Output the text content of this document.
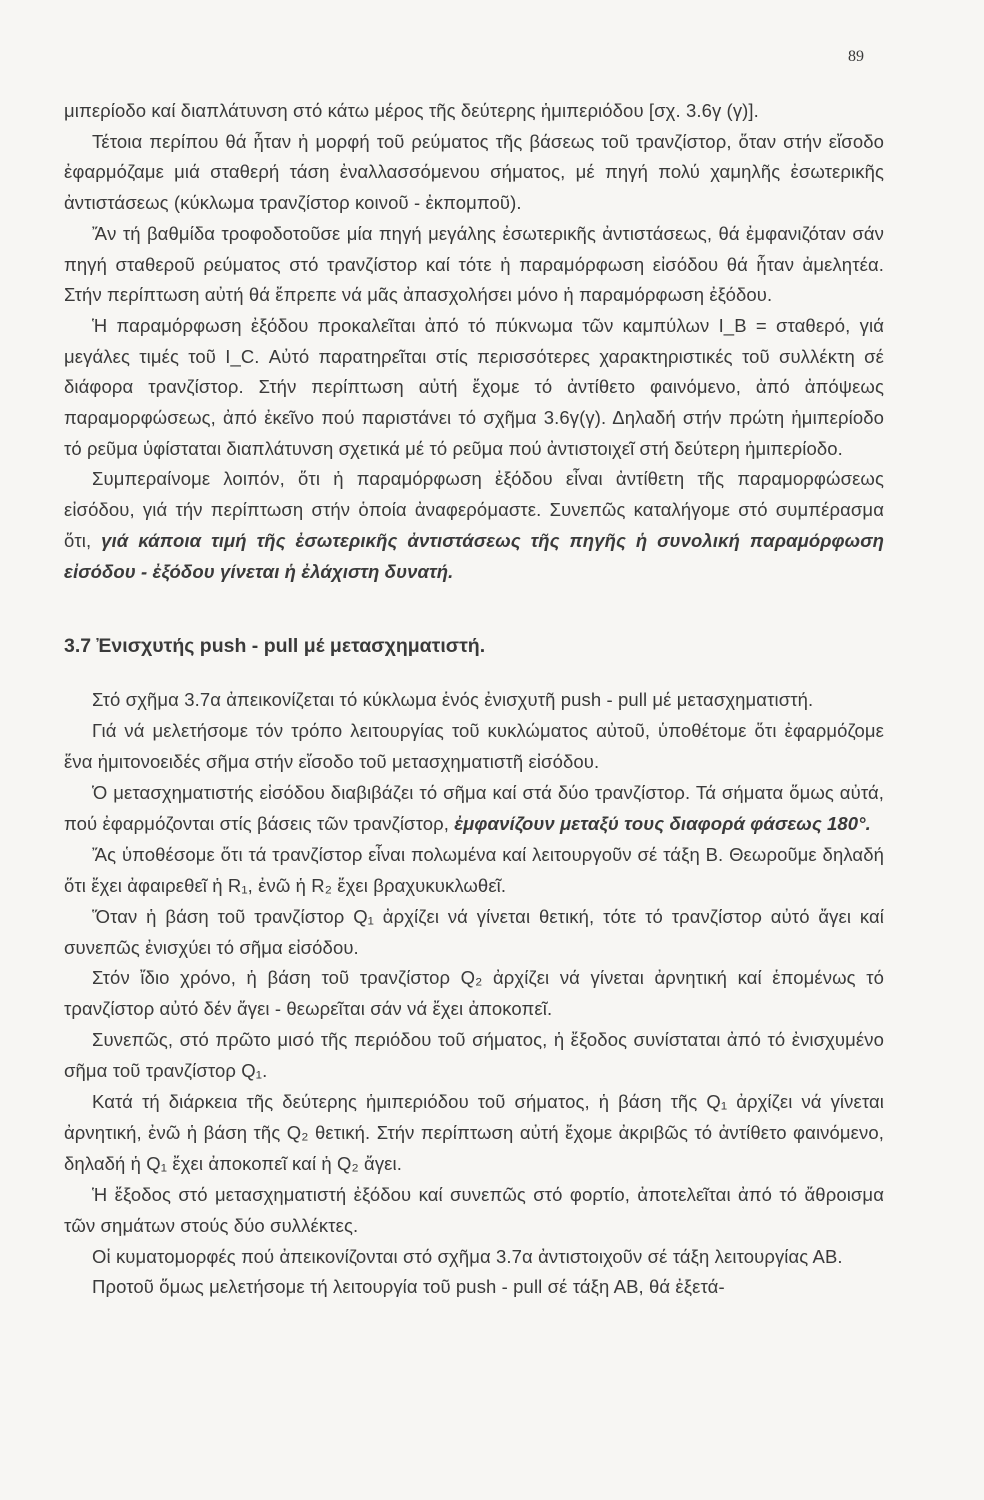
89

μιπερίοδο καί διαπλάτυνση στό κάτω μέρος τῆς δεύτερης ἡμιπεριόδου [σχ. 3.6γ (γ)].

Τέτοια περίπου θά ἦταν ἡ μορφή τοῦ ρεύματος τῆς βάσεως τοῦ τρανζίστορ, ὅταν στήν εἴσοδο ἐφαρμόζαμε μιά σταθερή τάση ἐναλλασσόμενου σήματος, μέ πηγή πολύ χαμηλῆς ἐσωτερικῆς ἀντιστάσεως (κύκλωμα τρανζίστορ κοινοῦ - ἐκπομποῦ).

Ἄν τή βαθμίδα τροφοδοτοῦσε μία πηγή μεγάλης ἐσωτερικῆς ἀντιστάσεως, θά ἐμφανιζόταν σάν πηγή σταθεροῦ ρεύματος στό τρανζίστορ καί τότε ἡ παραμόρφωση εἰσόδου θά ἦταν ἀμελητέα. Στήν περίπτωση αὐτή θά ἔπρεπε νά μᾶς ἀπασχολήσει μόνο ἡ παραμόρφωση ἐξόδου.

Ἡ παραμόρφωση ἐξόδου προκαλεῖται ἀπό τό πύκνωμα τῶν καμπύλων I_B = σταθερό, γιά μεγάλες τιμές τοῦ I_C. Αὐτό παρατηρεῖται στίς περισσότερες χαρακτηριστικές τοῦ συλλέκτη σέ διάφορα τρανζίστορ. Στήν περίπτωση αὐτή ἔχομε τό ἀντίθετο φαινόμενο, ἀπό ἀπόψεως παραμορφώσεως, ἀπό ἐκεῖνο πού παριστάνει τό σχῆμα 3.6γ(γ). Δηλαδή στήν πρώτη ἡμιπερίοδο τό ρεῦμα ὑφίσταται διαπλάτυνση σχετικά μέ τό ρεῦμα πού ἀντιστοιχεῖ στή δεύτερη ἡμιπερίοδο.

Συμπεραίνομε λοιπόν, ὅτι ἡ παραμόρφωση ἐξόδου εἶναι ἀντίθετη τῆς παραμορφώσεως εἰσόδου, γιά τήν περίπτωση στήν ὁποία ἀναφερόμαστε. Συνεπῶς καταλήγομε στό συμπέρασμα ὅτι, γιά κάποια τιμή τῆς ἐσωτερικῆς ἀντιστάσεως τῆς πηγῆς ἡ συνολική παραμόρφωση εἰσόδου - ἐξόδου γίνεται ἡ ἐλάχιστη δυνατή.

3.7 Ἐνισχυτής push - pull μέ μετασχηματιστή.

Στό σχῆμα 3.7α ἀπεικονίζεται τό κύκλωμα ἑνός ἐνισχυτῆ push - pull μέ μετασχηματιστή.

Γιά νά μελετήσομε τόν τρόπο λειτουργίας τοῦ κυκλώματος αὐτοῦ, ὑποθέτομε ὅτι ἐφαρμόζομε ἕνα ἡμιτονοειδές σῆμα στήν εἴσοδο τοῦ μετασχηματιστῆ εἰσόδου.

Ὁ μετασχηματιστής εἰσόδου διαβιβάζει τό σῆμα καί στά δύο τρανζίστορ. Τά σήματα ὅμως αὐτά, πού ἐφαρμόζονται στίς βάσεις τῶν τρανζίστορ, ἐμφανίζουν μεταξύ τους διαφορά φάσεως 180°.

Ἄς ὑποθέσομε ὅτι τά τρανζίστορ εἶναι πολωμένα καί λειτουργοῦν σέ τάξη Β. Θεωροῦμε δηλαδή ὅτι ἔχει ἀφαιρεθεῖ ἡ R₁, ἐνῶ ἡ R₂ ἔχει βραχυκυκλωθεῖ.

Ὅταν ἡ βάση τοῦ τρανζίστορ Q₁ ἀρχίζει νά γίνεται θετική, τότε τό τρανζίστορ αὐτό ἄγει καί συνεπῶς ἐνισχύει τό σῆμα εἰσόδου.

Στόν ἴδιο χρόνο, ἡ βάση τοῦ τρανζίστορ Q₂ ἀρχίζει νά γίνεται ἀρνητική καί ἑπομένως τό τρανζίστορ αὐτό δέν ἄγει - θεωρεῖται σάν νά ἔχει ἀποκοπεῖ.

Συνεπῶς, στό πρῶτο μισό τῆς περιόδου τοῦ σήματος, ἡ ἔξοδος συνίσταται ἀπό τό ἐνισχυμένο σῆμα τοῦ τρανζίστορ Q₁.

Κατά τή διάρκεια τῆς δεύτερης ἡμιπεριόδου τοῦ σήματος, ἡ βάση τῆς Q₁ ἀρχίζει νά γίνεται ἀρνητική, ἐνῶ ἡ βάση τῆς Q₂ θετική. Στήν περίπτωση αὐτή ἔχομε ἀκριβῶς τό ἀντίθετο φαινόμενο, δηλαδή ἡ Q₁ ἔχει ἀποκοπεῖ καί ἡ Q₂ ἄγει.

Ἡ ἔξοδος στό μετασχηματιστή ἐξόδου καί συνεπῶς στό φορτίο, ἀποτελεῖται ἀπό τό ἄθροισμα τῶν σημάτων στούς δύο συλλέκτες.

Οἱ κυματομορφές πού ἀπεικονίζονται στό σχῆμα 3.7α ἀντιστοιχοῦν σέ τάξη λειτουργίας ΑΒ.

Προτοῦ ὅμως μελετήσομε τή λειτουργία τοῦ push - pull σέ τάξη ΑΒ, θά ἐξετά-
